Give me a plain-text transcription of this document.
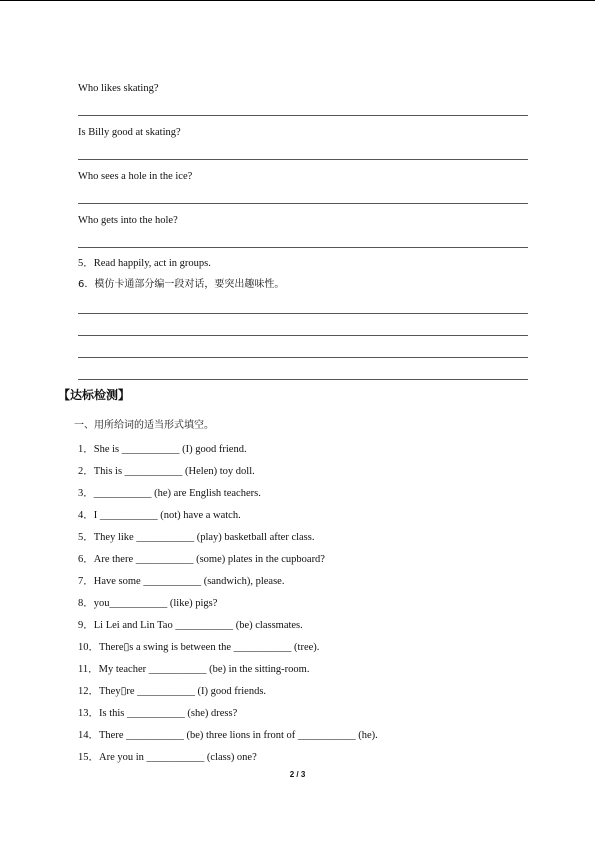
Who likes skating?
Is Billy good at skating?
Who sees a hole in the ice?
Who gets into the hole?
5．Read happily, act in groups.
6．模仿卡通部分编一段对话，要突出趣味性。
【达标检测】
一、用所给词的适当形式填空。
1．She is ___________ (I) good friend.
2．This is ___________ (Helen) toy doll.
3．___________ (he) are English teachers.
4．I ___________ (not) have a watch.
5．They like ___________ (play) basketball after class.
6．Are there ___________ (some) plates in the cupboard?
7．Have some ___________ (sandwich), please.
8．you___________ (like) pigs?
9．Li Lei and Lin Tao ___________ (be) classmates.
10．There▯s a swing is between the ___________ (tree).
11．My teacher ___________ (be) in the sitting-room.
12．They▯re ___________ (I) good friends.
13．Is this ___________ (she) dress?
14．There ___________ (be) three lions in front of ___________ (he).
15．Are you in ___________ (class) one?
2 / 3
